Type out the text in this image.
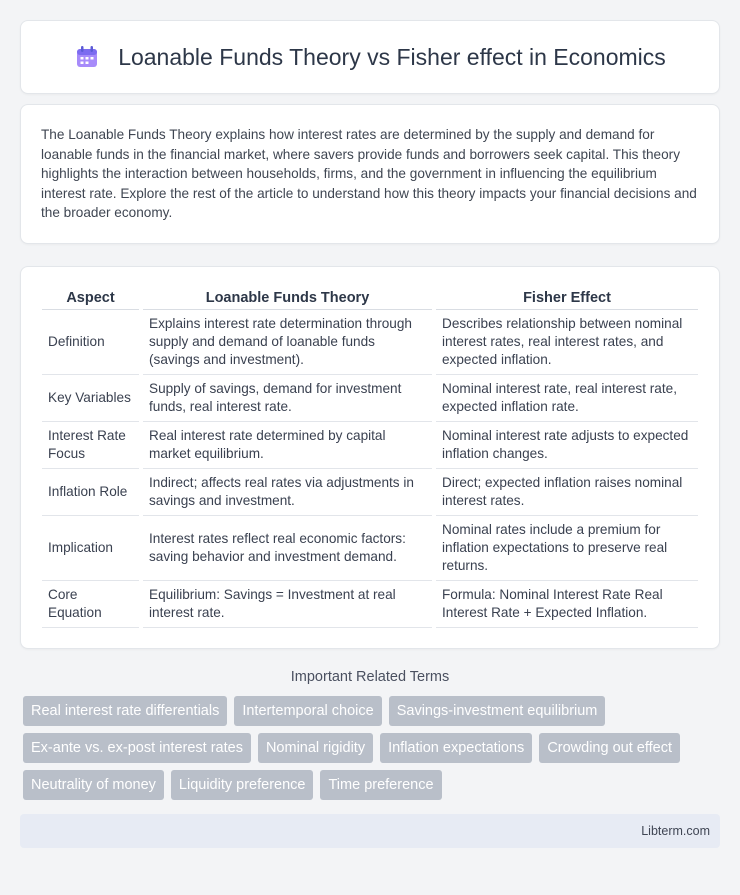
Loanable Funds Theory vs Fisher effect in Economics

The Loanable Funds Theory explains how interest rates are determined by the supply and demand for loanable funds in the financial market, where savers provide funds and borrowers seek capital. This theory highlights the interaction between households, firms, and the government in influencing the equilibrium interest rate. Explore the rest of the article to understand how this theory impacts your financial decisions and the broader economy.

Aspect	Loanable Funds Theory	Fisher Effect
Definition	Explains interest rate determination through supply and demand of loanable funds (savings and investment).	Describes relationship between nominal interest rates, real interest rates, and expected inflation.
Key Variables	Supply of savings, demand for investment funds, real interest rate.	Nominal interest rate, real interest rate, expected inflation rate.
Interest Rate Focus	Real interest rate determined by capital market equilibrium.	Nominal interest rate adjusts to expected inflation changes.
Inflation Role	Indirect; affects real rates via adjustments in savings and investment.	Direct; expected inflation raises nominal interest rates.
Implication	Interest rates reflect real economic factors: saving behavior and investment demand.	Nominal rates include a premium for inflation expectations to preserve real returns.
Core Equation	Equilibrium: Savings = Investment at real interest rate.	Formula: Nominal Interest Rate Real Interest Rate + Expected Inflation.
Important Related Terms
Real interest rate differentials	Intertemporal choice	Savings-investment equilibrium
Ex-ante vs. ex-post interest rates	Nominal rigidity	Inflation expectations	Crowding out effect
Neutrality of money	Liquidity preference	Time preference
Libterm.com
